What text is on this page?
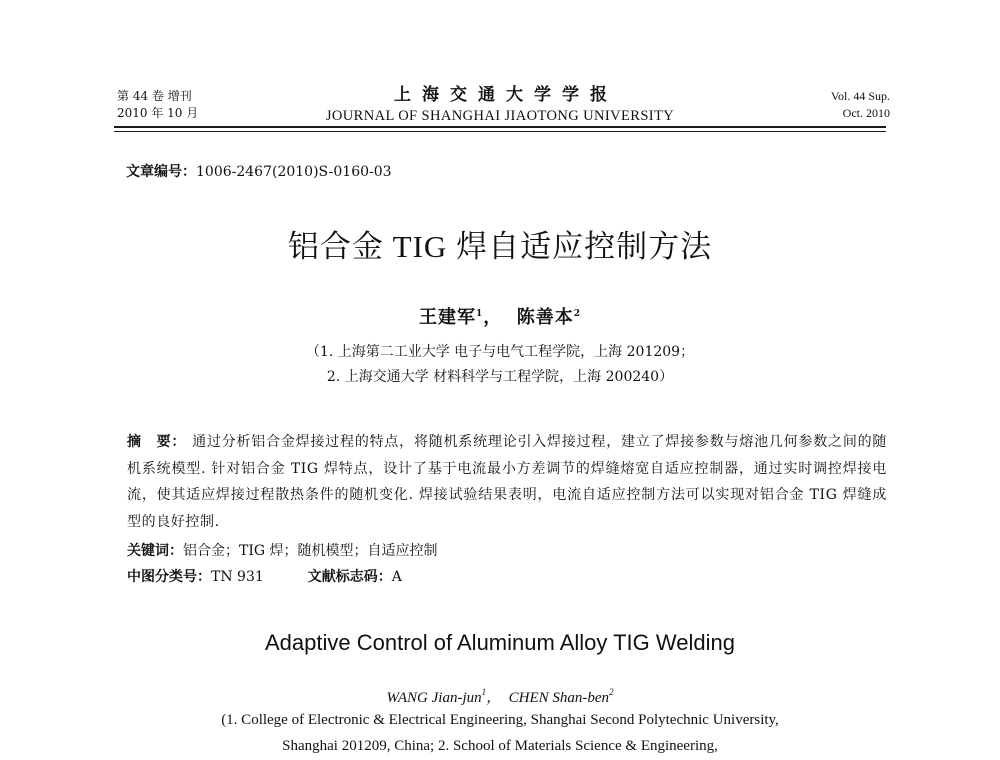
第 44 卷 增刊
2010 年 10 月
上海交通大学学报
JOURNAL OF SHANGHAI JIAOTONG UNIVERSITY
Vol. 44 Sup.
Oct. 2010
文章编号：1006-2467(2010)S-0160-03
铝合金 TIG 焊自适应控制方法
王建军$^1$， 陈善本$^2$
（1. 上海第二工业大学 电子与电气工程学院，上海 201209；
2. 上海交通大学 材料科学与工程学院，上海 200240）
摘　要： 通过分析铝合金焊接过程的特点，将随机系统理论引入焊接过程，建立了焊接参数与熔池几何参数之间的随机系统模型. 针对铝合金 TIG 焊特点，设计了基于电流最小方差调节的焊缝熔宽自适应控制器，通过实时调控焊接电流，使其适应焊接过程散热条件的随机变化. 焊接试验结果表明，电流自适应控制方法可以实现对铝合金 TIG 焊缝成型的良好控制.
关键词：铝合金；TIG 焊；随机模型；自适应控制
中图分类号：TN 931	文献标志码：A
Adaptive Control of Aluminum Alloy TIG Welding
WANG Jian-jun$^1$， CHEN Shan-ben$^2$
(1. College of Electronic & Electrical Engineering, Shanghai Second Polytechnic University,
Shanghai 201209, China; 2. School of Materials Science & Engineering,
